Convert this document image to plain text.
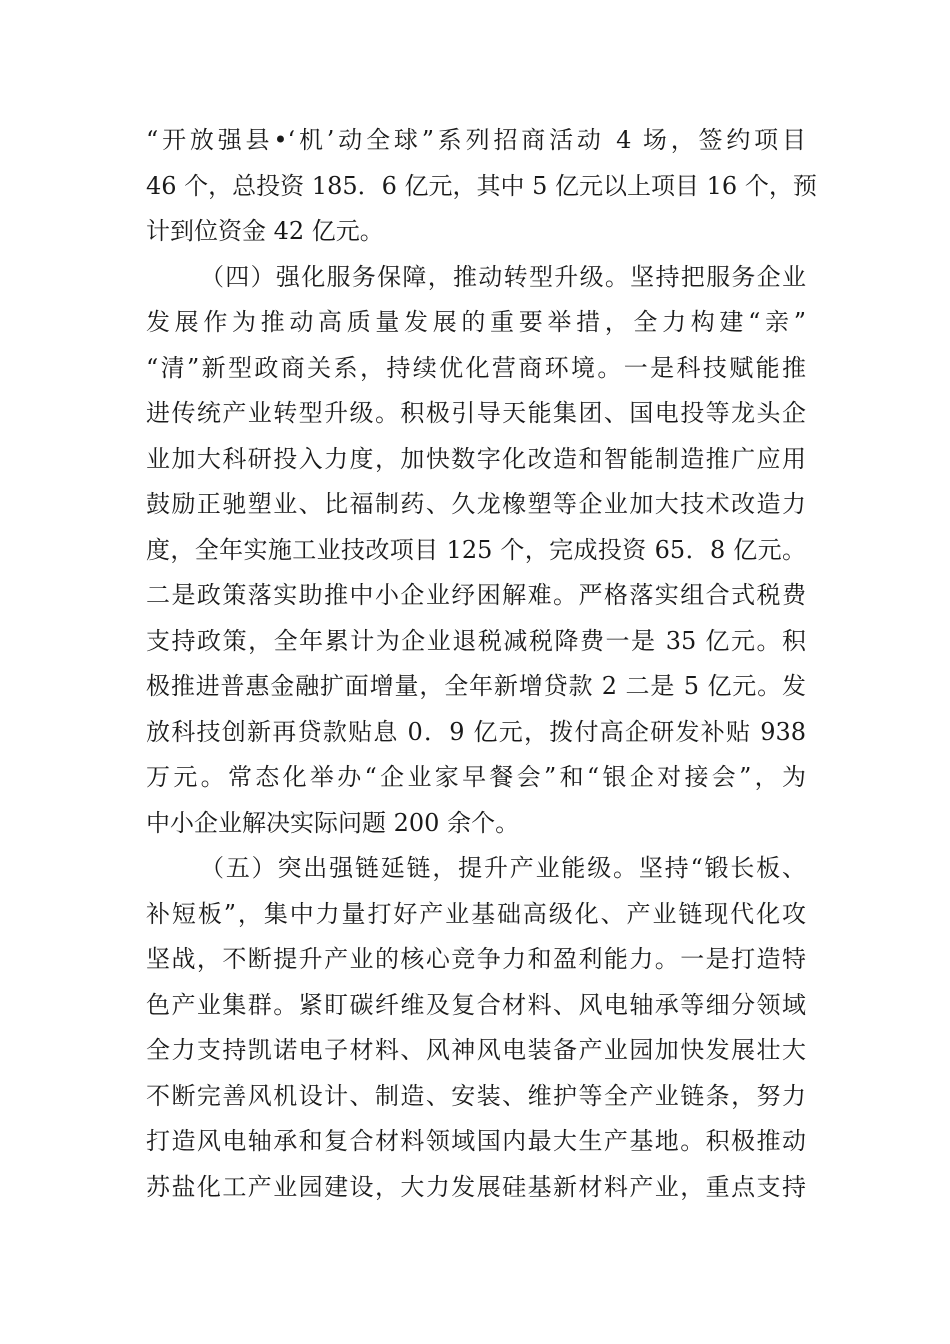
“开放强县•‘机’动全球”系列招商活动 4 场，签约项目
46 个，总投资 185．6 亿元，其中 5 亿元以上项目 16 个，预
计到位资金 42 亿元。
（四）强化服务保障，推动转型升级。坚持把服务企业
发展作为推动高质量发展的重要举措，全力构建“亲”
“清”新型政商关系，持续优化营商环境。一是科技赋能推
进传统产业转型升级。积极引导天能集团、国电投等龙头企
业加大科研投入力度，加快数字化改造和智能制造推广应用
鼓励正驰塑业、比福制药、久龙橡塑等企业加大技术改造力
度，全年实施工业技改项目 125 个，完成投资 65．8 亿元。
二是政策落实助推中小企业纾困解难。严格落实组合式税费
支持政策，全年累计为企业退税减税降费一是 35 亿元。积
极推进普惠金融扩面增量，全年新增贷款 2 二是 5 亿元。发
放科技创新再贷款贴息 0．9 亿元，拨付高企研发补贴 938
万元。常态化举办“企业家早餐会”和“银企对接会”，为
中小企业解决实际问题 200 余个。
（五）突出强链延链，提升产业能级。坚持“锻长板、
补短板”，集中力量打好产业基础高级化、产业链现代化攻
坚战，不断提升产业的核心竞争力和盈利能力。一是打造特
色产业集群。紧盯碳纤维及复合材料、风电轴承等细分领域
全力支持凯诺电子材料、风神风电装备产业园加快发展壮大
不断完善风机设计、制造、安装、维护等全产业链条，努力
打造风电轴承和复合材料领域国内最大生产基地。积极推动
苏盐化工产业园建设，大力发展硅基新材料产业，重点支持
